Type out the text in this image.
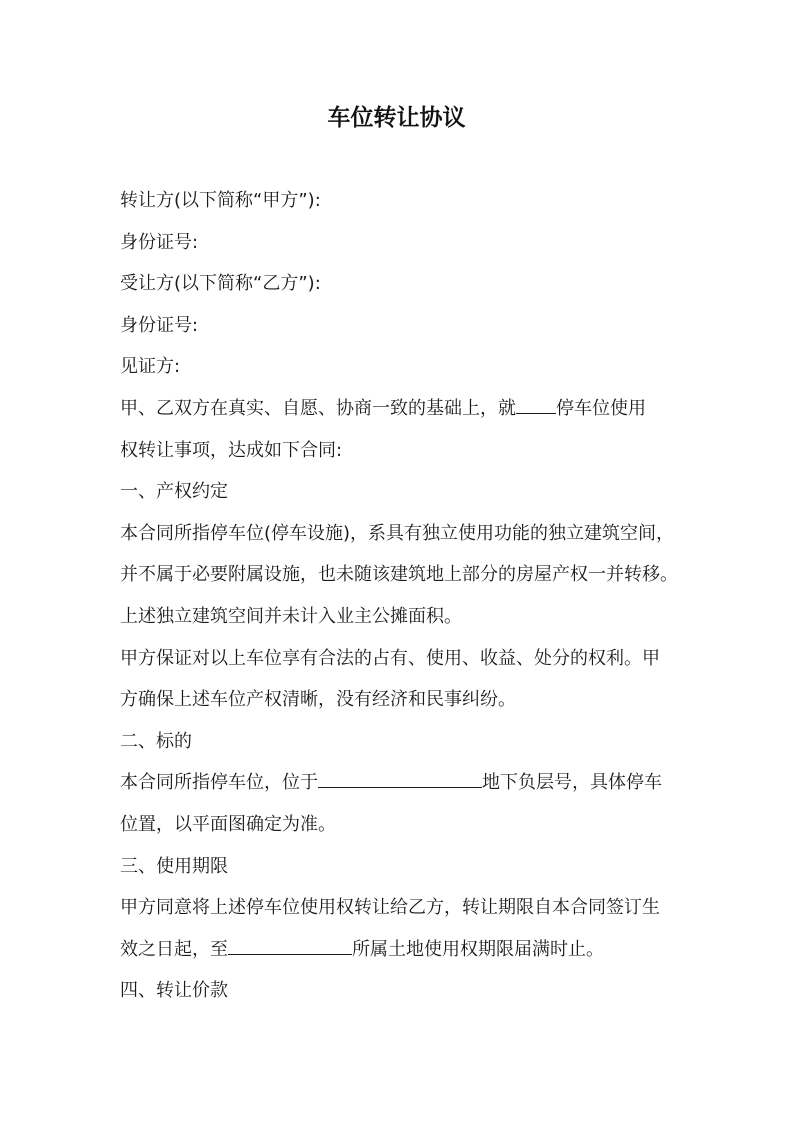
车位转让协议
转让方(以下简称“甲方”):
身份证号:
受让方(以下简称“乙方”):
身份证号:
见证方:
甲、乙双方在真实、自愿、协商一致的基础上，就 停车位使用
权转让事项，达成如下合同:
一、产权约定
本合同所指停车位(停车设施)，系具有独立使用功能的独立建筑空间，
并不属于必要附属设施，也未随该建筑地上部分的房屋产权一并转移。
上述独立建筑空间并未计入业主公摊面积。
甲方保证对以上车位享有合法的占有、使用、收益、处分的权利。甲
方确保上述车位产权清晰，没有经济和民事纠纷。
二、标的
本合同所指停车位，位于	地下负层号，具体停车
位置，以平面图确定为准。
三、使用期限
甲方同意将上述停车位使用权转让给乙方，转让期限自本合同签订生
效之日起，至	所属土地使用权期限届满时止。
四、转让价款
